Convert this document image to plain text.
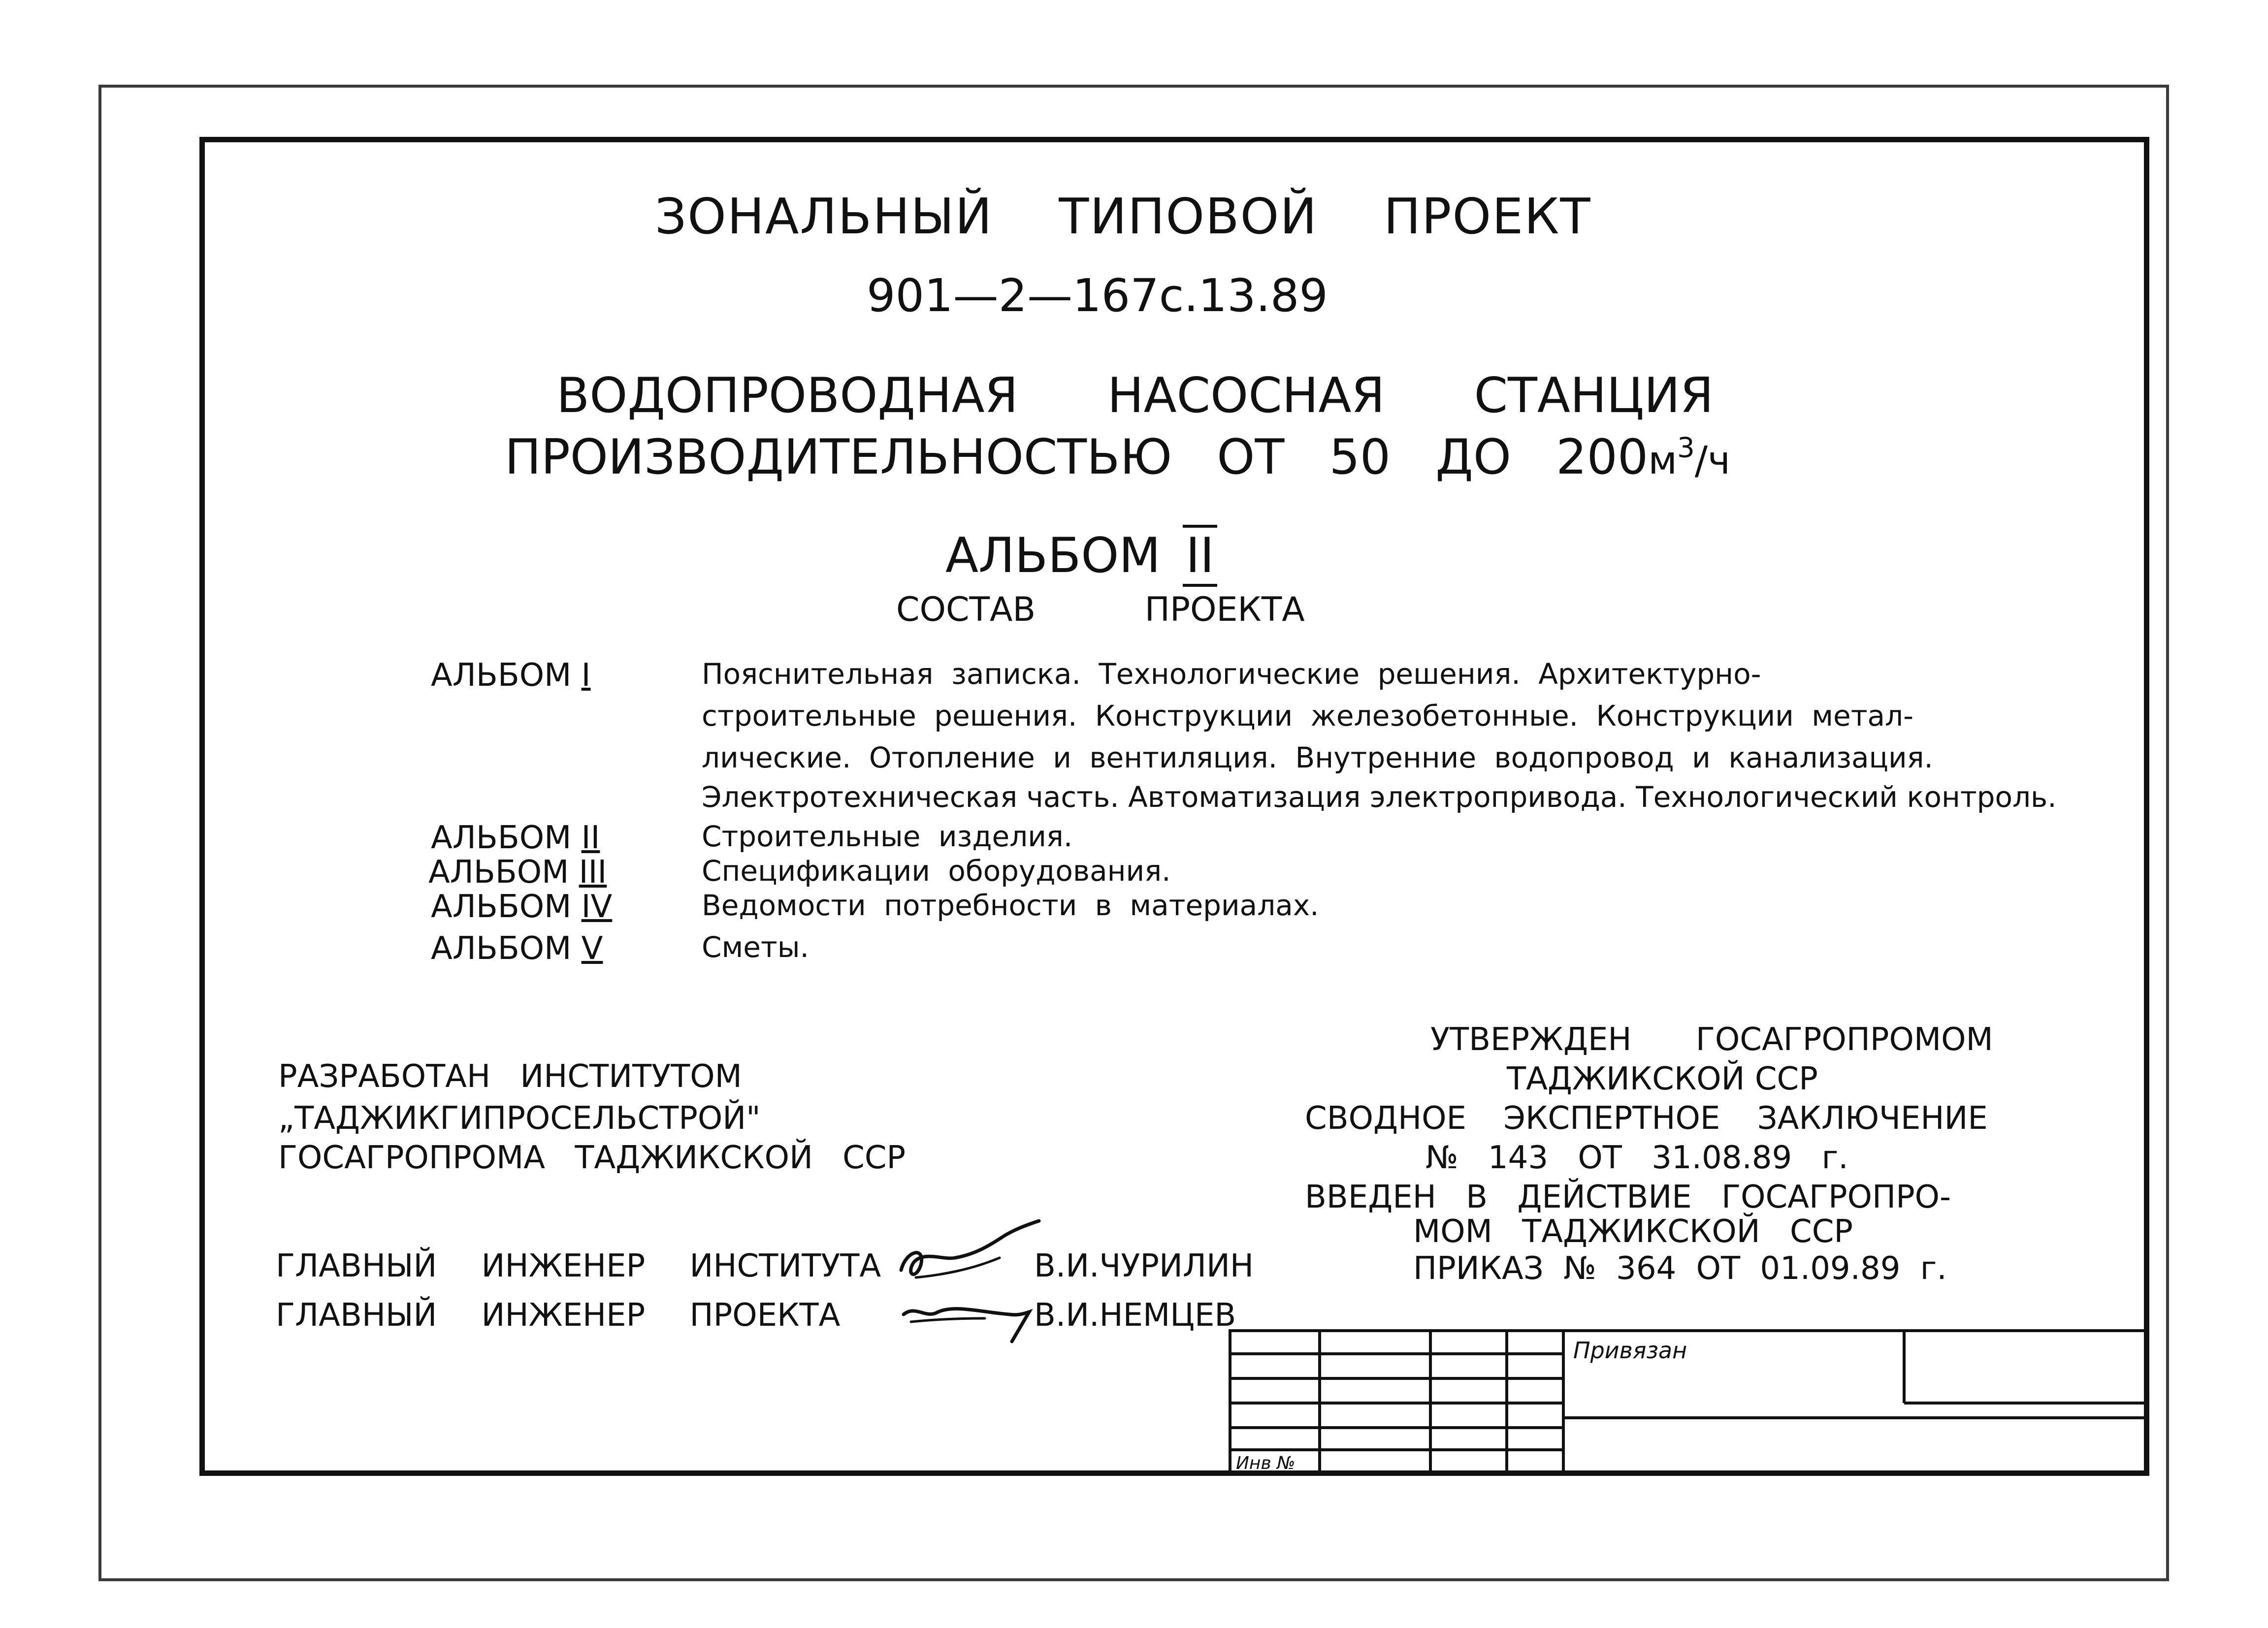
ЗОНАЛЬНЫЙ ТИПОВОЙ ПРОЕКТ
901—2—167с.13.89
ВОДОПРОВОДНАЯ НАСОСНАЯ СТАНЦИЯ
ПРОИЗВОДИТЕЛЬНОСТЬЮ ОТ 50 ДО $200м^3/ч$
АЛЬБОМ II
СОСТАВ ПРОЕКТА
АЛЬБОМ I	Пояснительная записка. Технологические решения. Архитектурно-
строительные решения. Конструкции железобетонные. Конструкции метал-
лические. Отопление и вентиляция. Внутренние водопровод и канализация.
Электротехническая часть. Автоматизация электропривода. Технологический контроль.
АЛЬБОМ II	Строительные изделия.
АЛЬБОМ III	Спецификации оборудования.
АЛЬБОМ IV	Ведомости потребности в материалах.
АЛЬБОМ V	Сметы.
РАЗРАБОТАН ИНСТИТУТОМ
„ТАДЖИКГИПРОСЕЛЬСТРОЙ"
ГОСАГРОПРОМА ТАДЖИКСКОЙ ССР
УТВЕРЖДЕН ГОСАГРОПРОМОМ
ТАДЖИКСКОЙ ССР
СВОДНОЕ ЭКСПЕРТНОЕ ЗАКЛЮЧЕНИЕ
№ 143 ОТ 31.08.89 г.
ВВЕДЕН В ДЕЙСТВИЕ ГОСАГРОПРО-
МОМ ТАДЖИКСКОЙ ССР
ПРИКАЗ № 364 ОТ 01.09.89 г.
ГЛАВНЫЙ ИНЖЕНЕР ИНСТИТУТА	В.И.ЧУРИЛИН
ГЛАВНЫЙ ИНЖЕНЕР ПРОЕКТА	В.И.НЕМЦЕВ
Привязан
Инв №
